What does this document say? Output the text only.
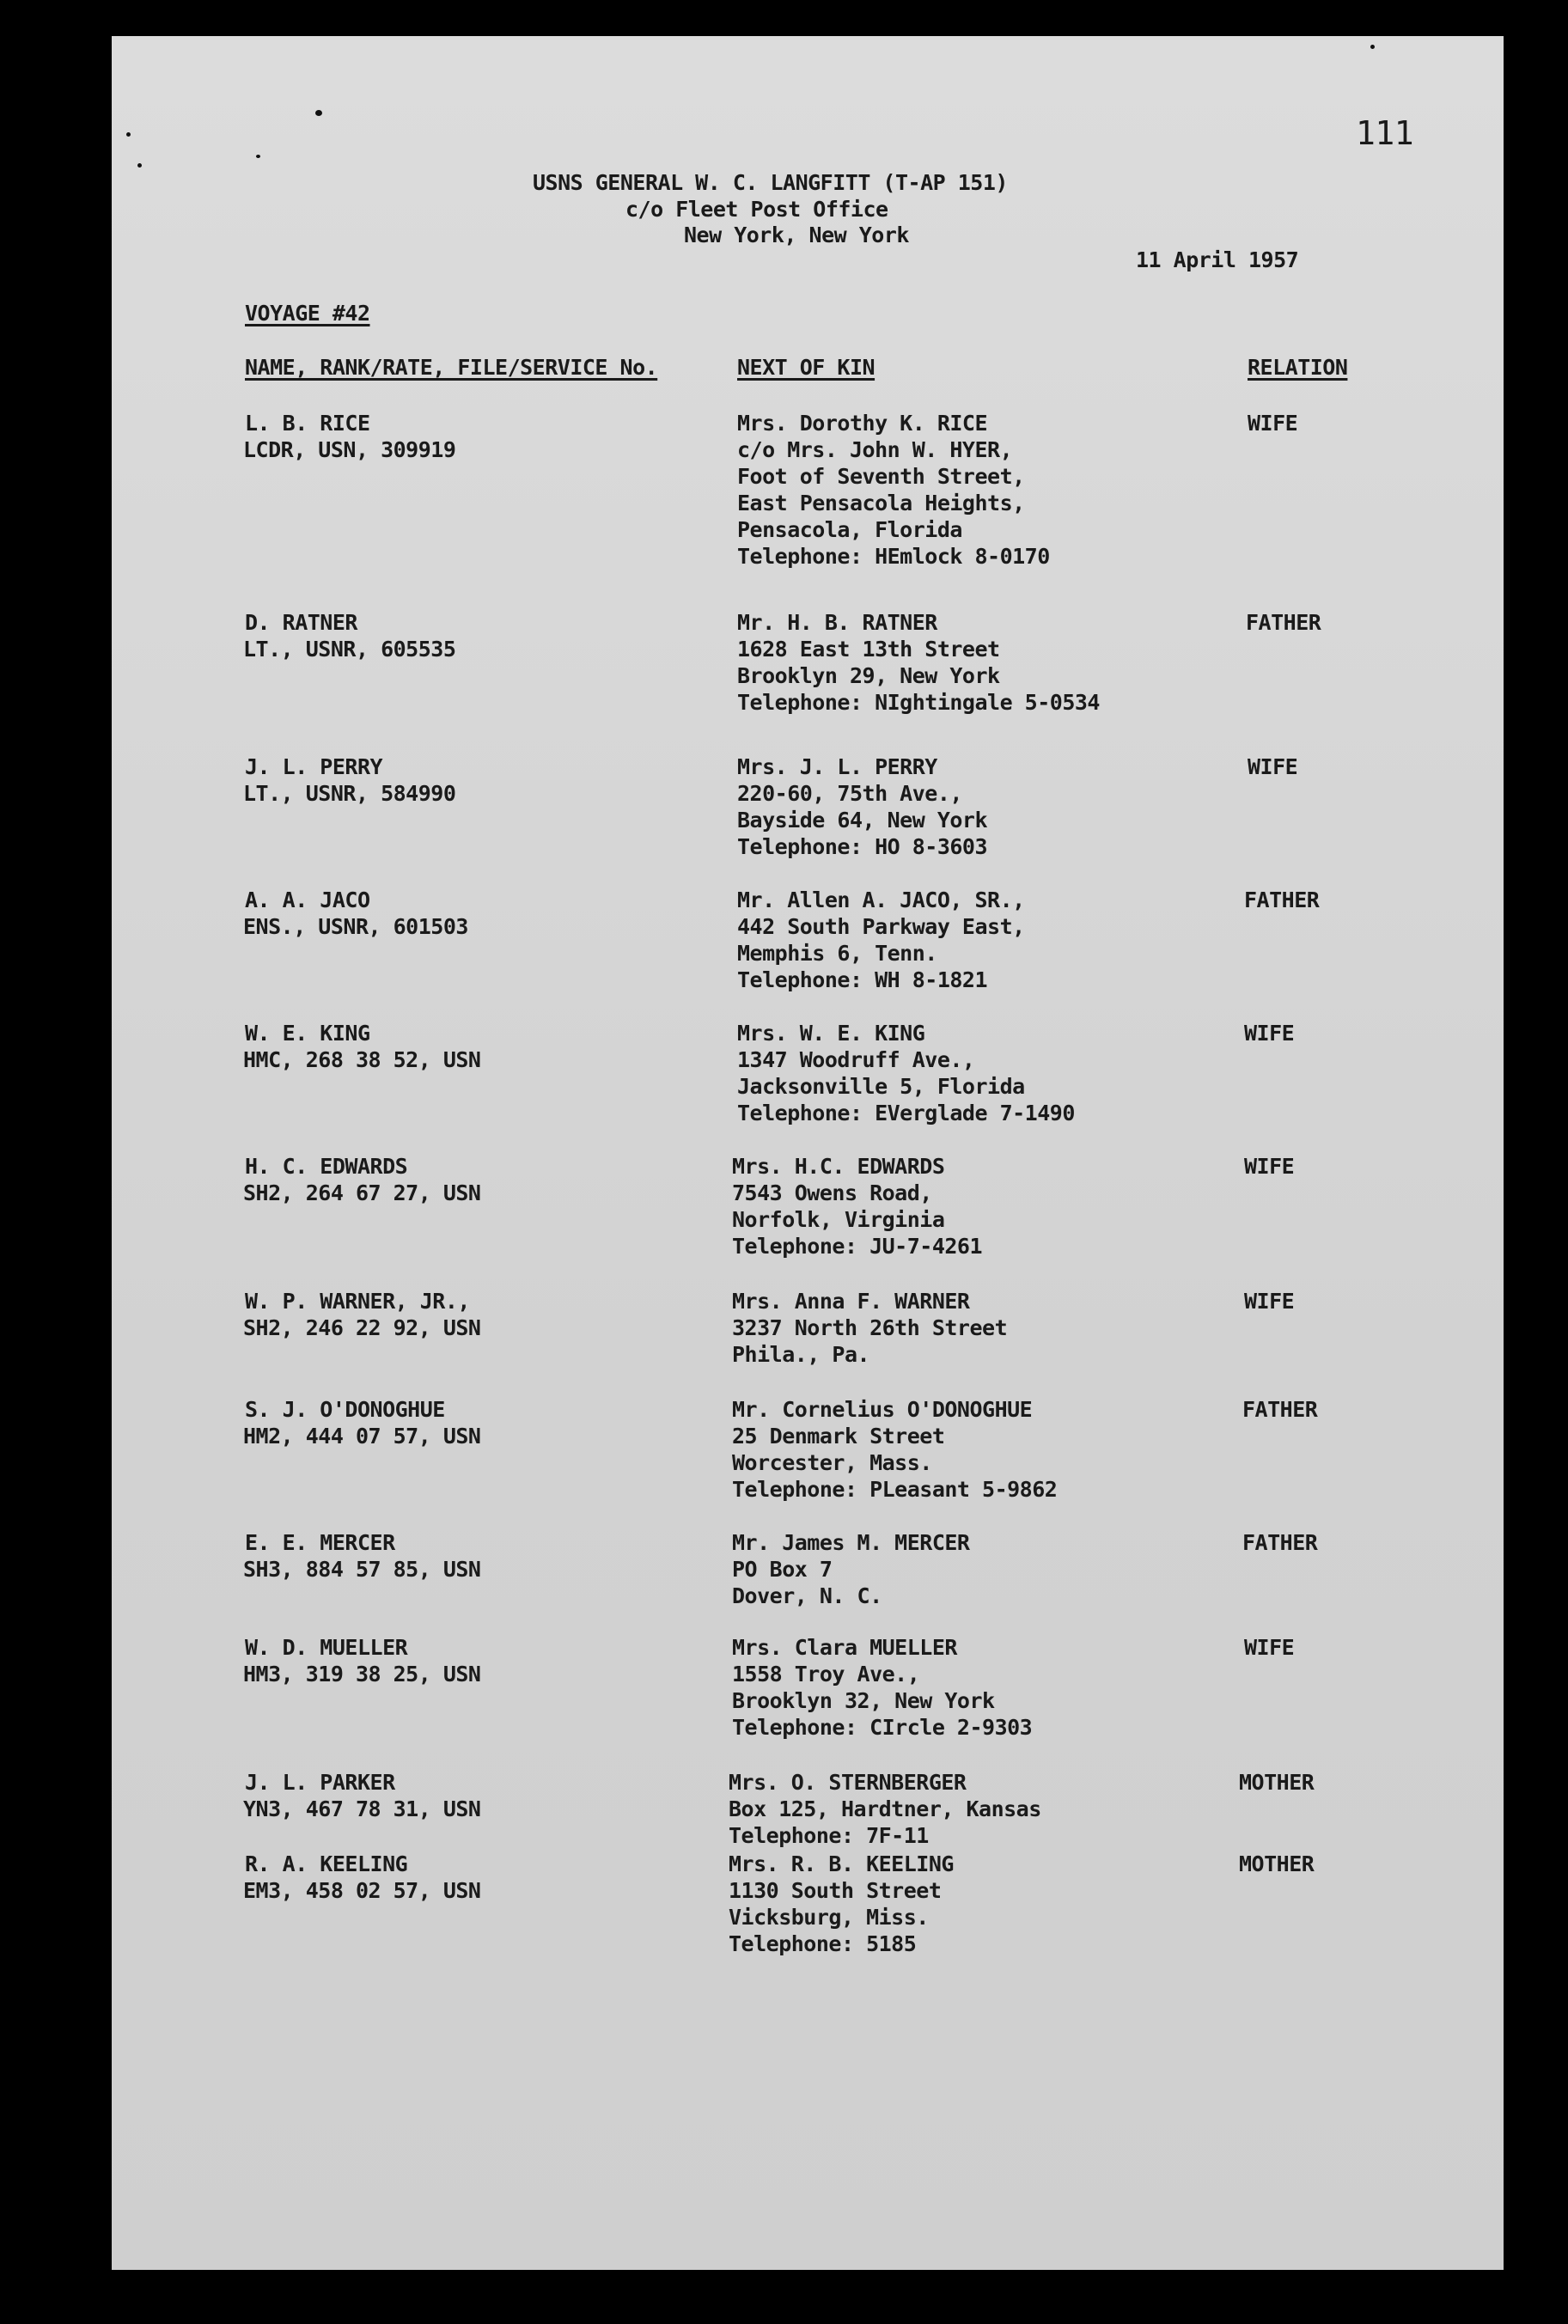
111
USNS GENERAL W. C. LANGFITT (T-AP 151)
c/o Fleet Post Office
New York, New York
11 April 1957
VOYAGE #42
NAME, RANK/RATE, FILE/SERVICE No.	NEXT OF KIN	RELATION
L. B. RICE
LCDR, USN, 309919
Mrs. Dorothy K. RICE
c/o Mrs. John W. HYER,
Foot of Seventh Street,
East Pensacola Heights,
Pensacola, Florida
Telephone: HEmlock 8-0170
WIFE
D. RATNER
LT., USNR, 605535
Mr. H. B. RATNER
1628 East 13th Street
Brooklyn 29, New York
Telephone: NIghtingale 5-0534
FATHER
J. L. PERRY
LT., USNR, 584990
Mrs. J. L. PERRY
220-60, 75th Ave.,
Bayside 64, New York
Telephone: HO 8-3603
WIFE
A. A. JACO
ENS., USNR, 601503
Mr. Allen A. JACO, SR.,
442 South Parkway East,
Memphis 6, Tenn.
Telephone: WH 8-1821
FATHER
W. E. KING
HMC, 268 38 52, USN
Mrs. W. E. KING
1347 Woodruff Ave.,
Jacksonville 5, Florida
Telephone: EVerglade 7-1490
WIFE
H. C. EDWARDS
SH2, 264 67 27, USN
Mrs. H.C. EDWARDS
7543 Owens Road,
Norfolk, Virginia
Telephone: JU-7-4261
WIFE
W. P. WARNER, JR.,
SH2, 246 22 92, USN
Mrs. Anna F. WARNER
3237 North 26th Street
Phila., Pa.
WIFE
S. J. O'DONOGHUE
HM2, 444 07 57, USN
Mr. Cornelius O'DONOGHUE
25 Denmark Street
Worcester, Mass.
Telephone: PLeasant 5-9862
FATHER
E. E. MERCER
SH3, 884 57 85, USN
Mr. James M. MERCER
PO Box 7
Dover, N. C.
FATHER
W. D. MUELLER
HM3, 319 38 25, USN
Mrs. Clara MUELLER
1558 Troy Ave.,
Brooklyn 32, New York
Telephone: CIrcle 2-9303
WIFE
J. L. PARKER
YN3, 467 78 31, USN
Mrs. O. STERNBERGER
Box 125, Hardtner, Kansas
Telephone: 7F-11
MOTHER
R. A. KEELING
EM3, 458 02 57, USN
Mrs. R. B. KEELING
1130 South Street
Vicksburg, Miss.
Telephone: 5185
MOTHER
